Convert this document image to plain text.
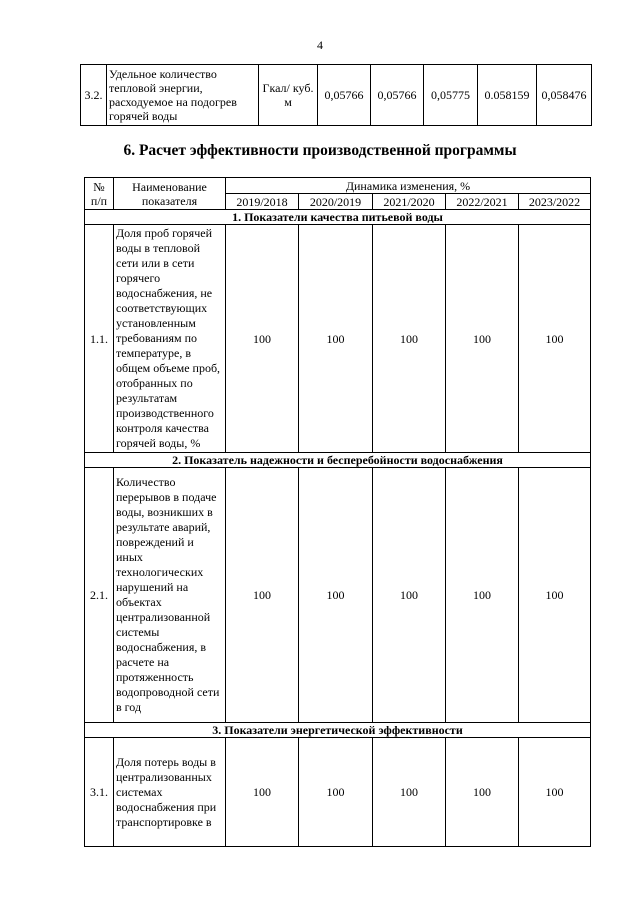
4
3.2.	Удельное количество тепловой энергии, расходуемое на подогрев горячей воды	Гкал/ куб. м	0,05766	0,05766	0,05775	0.058159	0,058476
6. Расчет эффективности производственной программы
№ п/п	Наименование показателя	Динамика изменения, %				
		2019/2018	2020/2019	2021/2020	2022/2021	2023/2022
1. Показатели качества питьевой воды						
1.1.	Доля проб горячей воды в тепловой сети или в сети горячего водоснабжения, не соответствующих установленным требованиям по температуре, в общем объеме проб, отобранных по результатам производственного контроля качества горячей воды, %	100	100	100	100	100
2. Показатель надежности и бесперебойности водоснабжения						
2.1.	Количество перерывов в подаче воды, возникших в результате аварий, повреждений и иных технологических нарушений на объектах централизованной системы водоснабжения, в расчете на протяженность водопроводной сети в год	100	100	100	100	100
3. Показатели энергетической эффективности						
3.1.	Доля потерь воды в централизованных системах водоснабжения при транспортировке в	100	100	100	100	100
